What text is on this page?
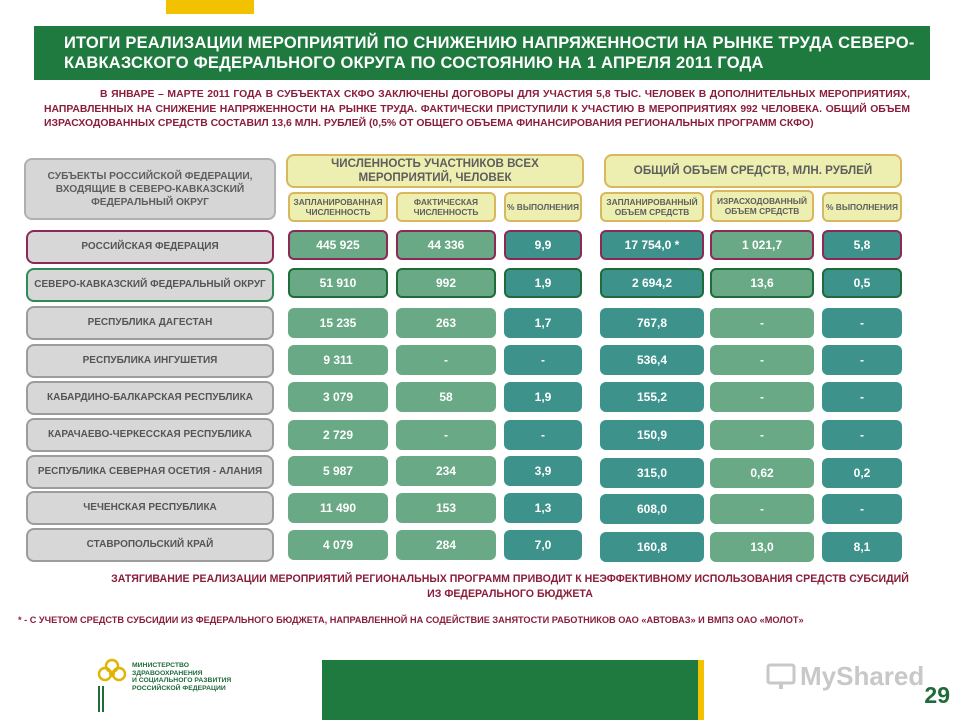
ИТОГИ РЕАЛИЗАЦИИ МЕРОПРИЯТИЙ ПО СНИЖЕНИЮ НАПРЯЖЕННОСТИ НА РЫНКЕ ТРУДА СЕВЕРО-КАВКАЗСКОГО ФЕДЕРАЛЬНОГО ОКРУГА ПО СОСТОЯНИЮ НА 1 АПРЕЛЯ 2011 ГОДА
В ЯНВАРЕ – МАРТЕ 2011 ГОДА В СУБЪЕКТАХ СКФО ЗАКЛЮЧЕНЫ ДОГОВОРЫ ДЛЯ УЧАСТИЯ 5,8 ТЫС. ЧЕЛОВЕК В ДОПОЛНИТЕЛЬНЫХ МЕРОПРИЯТИЯХ, НАПРАВЛЕННЫХ НА СНИЖЕНИЕ НАПРЯЖЕННОСТИ НА РЫНКЕ ТРУДА. ФАКТИЧЕСКИ ПРИСТУПИЛИ К УЧАСТИЮ В МЕРОПРИЯТИЯХ 992 ЧЕЛОВЕКА. ОБЩИЙ ОБЪЕМ ИЗРАСХОДОВАННЫХ СРЕДСТВ СОСТАВИЛ 13,6 МЛН. РУБЛЕЙ (0,5% ОТ ОБЩЕГО ОБЪЕМА ФИНАНСИРОВАНИЯ РЕГИОНАЛЬНЫХ ПРОГРАММ СКФО)
СУБЪЕКТЫ РОССИЙСКОЙ ФЕДЕРАЦИИ, ВХОДЯЩИЕ В СЕВЕРО-КАВКАЗСКИЙ ФЕДЕРАЛЬНЫЙ ОКРУГ
ЧИСЛЕННОСТЬ УЧАСТНИКОВ ВСЕХ МЕРОПРИЯТИЙ, ЧЕЛОВЕК
ОБЩИЙ ОБЪЕМ СРЕДСТВ, МЛН. РУБЛЕЙ
ЗАПЛАНИРОВАННАЯ ЧИСЛЕННОСТЬ
ФАКТИЧЕСКАЯ ЧИСЛЕННОСТЬ
% ВЫПОЛНЕНИЯ
ЗАПЛАНИРОВАННЫЙ ОБЪЕМ СРЕДСТВ
ИЗРАСХОДОВАННЫЙ ОБЪЕМ СРЕДСТВ	% ВЫПОЛНЕНИЯ
РОССИЙСКАЯ ФЕДЕРАЦИЯ	445 925	44 336	9,9	17 754,0 *	1 021,7	5,8
СЕВЕРО-КАВКАЗСКИЙ ФЕДЕРАЛЬНЫЙ ОКРУГ	51 910	992	1,9	2 694,2	13,6	0,5
РЕСПУБЛИКА ДАГЕСТАН	15 235	263	1,7	767,8	-	-
РЕСПУБЛИКА ИНГУШЕТИЯ	9 311	-	-	536,4	-	-
КАБАРДИНО-БАЛКАРСКАЯ РЕСПУБЛИКА	3 079	58	1,9	155,2	-	-
КАРАЧАЕВО-ЧЕРКЕССКАЯ РЕСПУБЛИКА	2 729	-	-	150,9	-	-
РЕСПУБЛИКА СЕВЕРНАЯ ОСЕТИЯ - АЛАНИЯ	5 987	234	3,9	315,0	0,62	0,2
ЧЕЧЕНСКАЯ РЕСПУБЛИКА	11 490	153	1,3	608,0	-	-
СТАВРОПОЛЬСКИЙ КРАЙ	4 079	284	7,0	160,8	13,0	8,1
ЗАТЯГИВАНИЕ РЕАЛИЗАЦИИ МЕРОПРИЯТИЙ РЕГИОНАЛЬНЫХ ПРОГРАММ ПРИВОДИТ К НЕЭФФЕКТИВНОМУ ИСПОЛЬЗОВАНИЯ СРЕДСТВ СУБСИДИЙ ИЗ ФЕДЕРАЛЬНОГО БЮДЖЕТА
* - С УЧЕТОМ СРЕДСТВ СУБСИДИИ ИЗ ФЕДЕРАЛЬНОГО БЮДЖЕТА, НАПРАВЛЕННОЙ НА СОДЕЙСТВИЕ ЗАНЯТОСТИ РАБОТНИКОВ ОАО «АВТОВАЗ» И ВМПЗ ОАО «МОЛОТ»
МИНИСТЕРСТВО
ЗДРАВООХРАНЕНИЯ
И СОЦИАЛЬНОГО РАЗВИТИЯ
РОССИЙСКОЙ ФЕДЕРАЦИИ	MyShared
29
